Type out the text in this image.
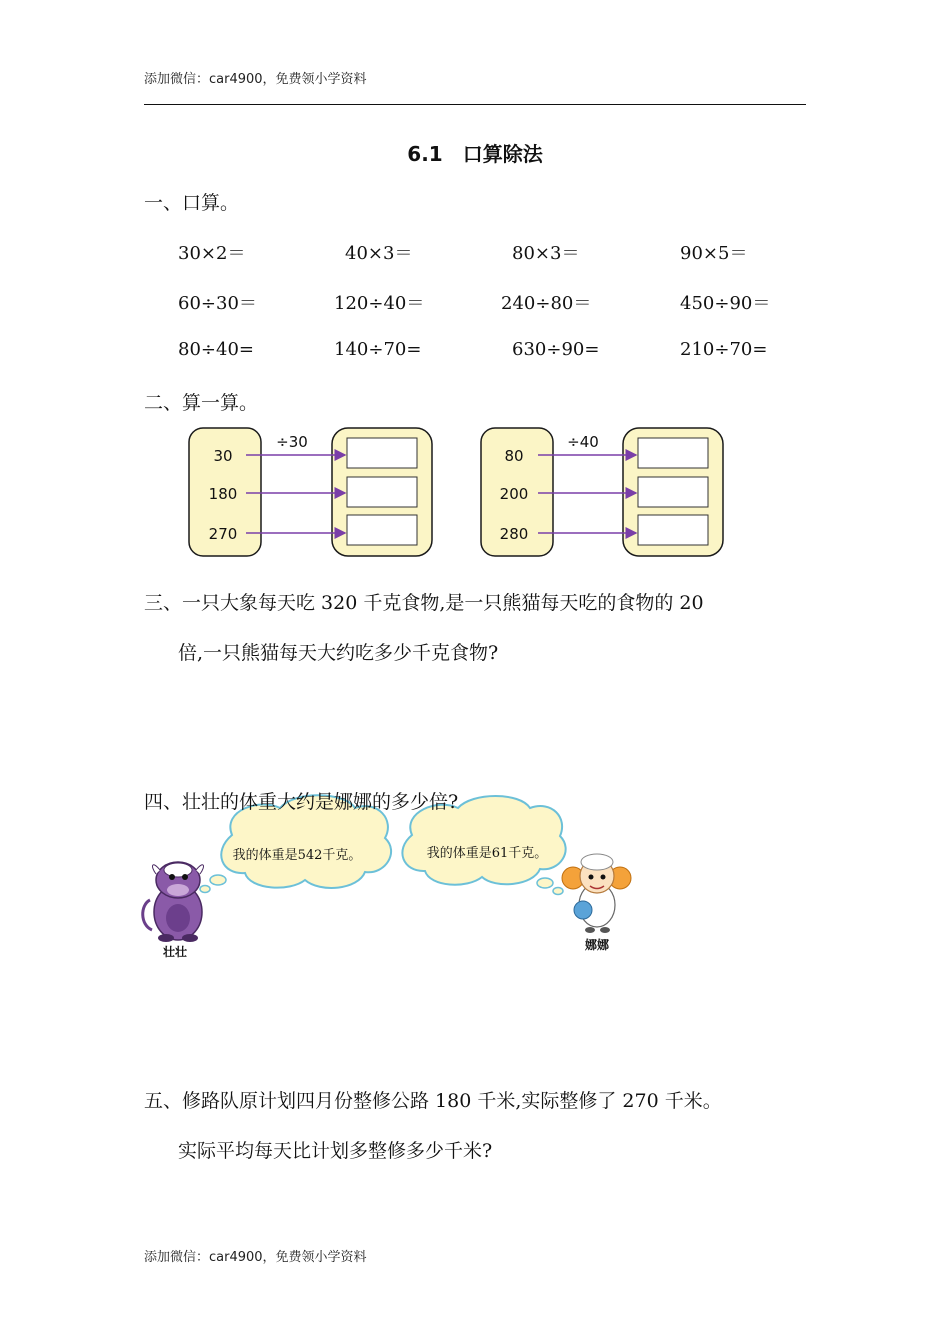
添加微信：car4900，免费领小学资料
6.1　口算除法
一、口算。
30×2＝	40×3＝	80×3＝	90×5＝
60÷30＝	120÷40＝	240÷80＝	450÷90＝
80÷40=	140÷70=	630÷90=	210÷70=
二、算一算。
30
180
270
÷30
80
200
280
÷40
我的体重是542千克。	我的体重是61千克。
壮壮	娜娜
三、一只大象每天吃 320 千克食物,是一只熊猫每天吃的食物的 20
倍,一只熊猫每天大约吃多少千克食物?
四、壮壮的体重大约是娜娜的多少倍?
五、修路队原计划四月份整修公路 180 千米,实际整修了 270 千米。
实际平均每天比计划多整修多少千米?
添加微信：car4900，免费领小学资料
